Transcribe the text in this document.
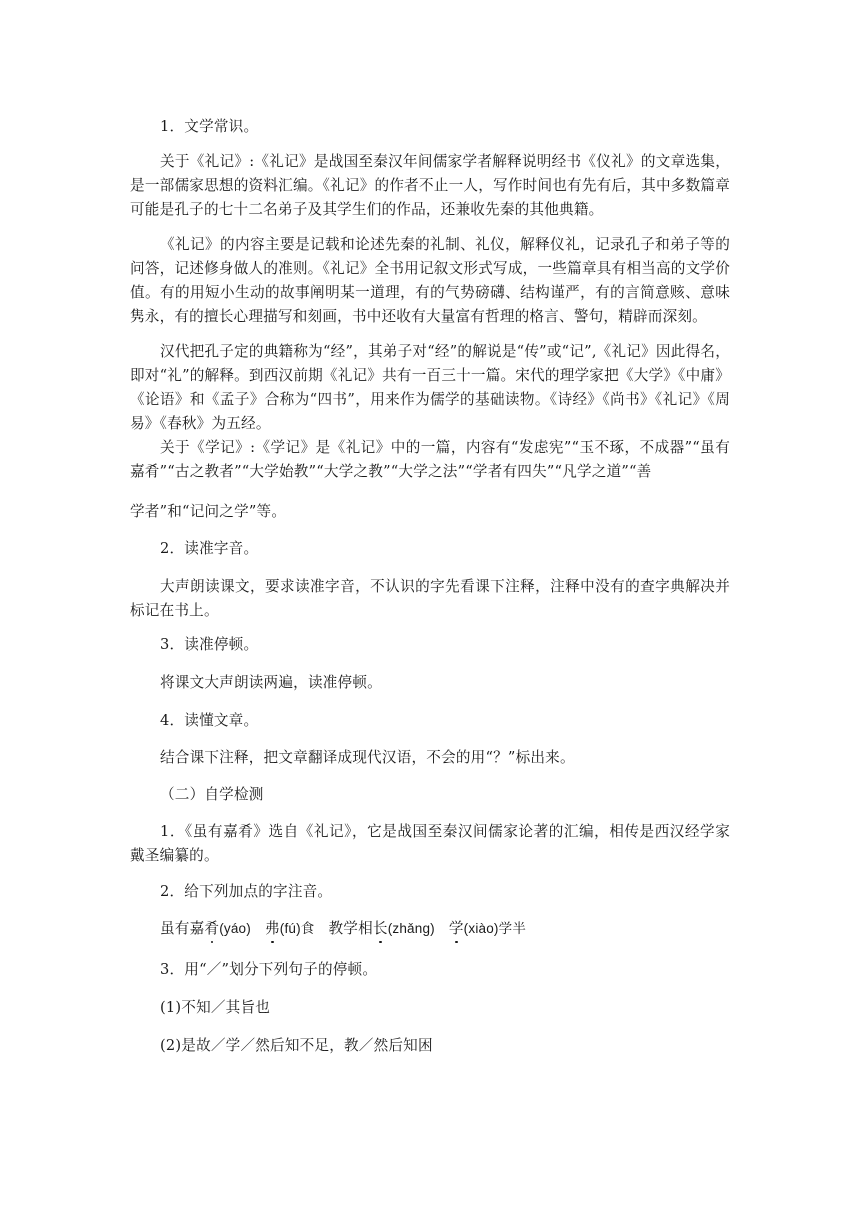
1．文学常识。

关于《礼记》:《礼记》是战国至秦汉年间儒家学者解释说明经书《仪礼》的文章选集，是一部儒家思想的资料汇编。《礼记》的作者不止一人，写作时间也有先有后，其中多数篇章可能是孔子的七十二名弟子及其学生们的作品，还兼收先秦的其他典籍。

《礼记》的内容主要是记载和论述先秦的礼制、礼仪，解释仪礼，记录孔子和弟子等的问答，记述修身做人的准则。《礼记》全书用记叙文形式写成，一些篇章具有相当高的文学价值。有的用短小生动的故事阐明某一道理，有的气势磅礴、结构谨严，有的言简意赅、意味隽永，有的擅长心理描写和刻画，书中还收有大量富有哲理的格言、警句，精辟而深刻。

汉代把孔子定的典籍称为“经”，其弟子对“经”的解说是“传”或“记”,《礼记》因此得名，即对“礼”的解释。到西汉前期《礼记》共有一百三十一篇。宋代的理学家把《大学》《中庸》《论语》和《孟子》合称为“四书”，用来作为儒学的基础读物。《诗经》《尚书》《礼记》《周易》《春秋》为五经。

关于《学记》:《学记》是《礼记》中的一篇，内容有“发虑宪”“玉不琢，不成器”“虽有嘉肴”“古之教者”“大学始教”“大学之教”“大学之法”“学者有四失”“凡学之道”“善

学者”和“记问之学”等。

2．读准字音。

大声朗读课文，要求读准字音，不认识的字先看课下注释，注释中没有的查字典解决并标记在书上。

3．读准停顿。

将课文大声朗读两遍，读准停顿。

4．读懂文章。

结合课下注释，把文章翻译成现代汉语，不会的用“？”标出来。

（二）自学检测

1．《虽有嘉肴》选自《礼记》，它是战国至秦汉间儒家论著的汇编，相传是西汉经学家戴圣编纂的。

2．给下列加点的字注音。

虽有嘉肴(yáo) 弗(fú)食 教学相长(zhǎng) 学(xiào)学半

3．用“／”划分下列句子的停顿。

(1)不知／其旨也

(2)是故／学／然后知不足，教／然后知困
